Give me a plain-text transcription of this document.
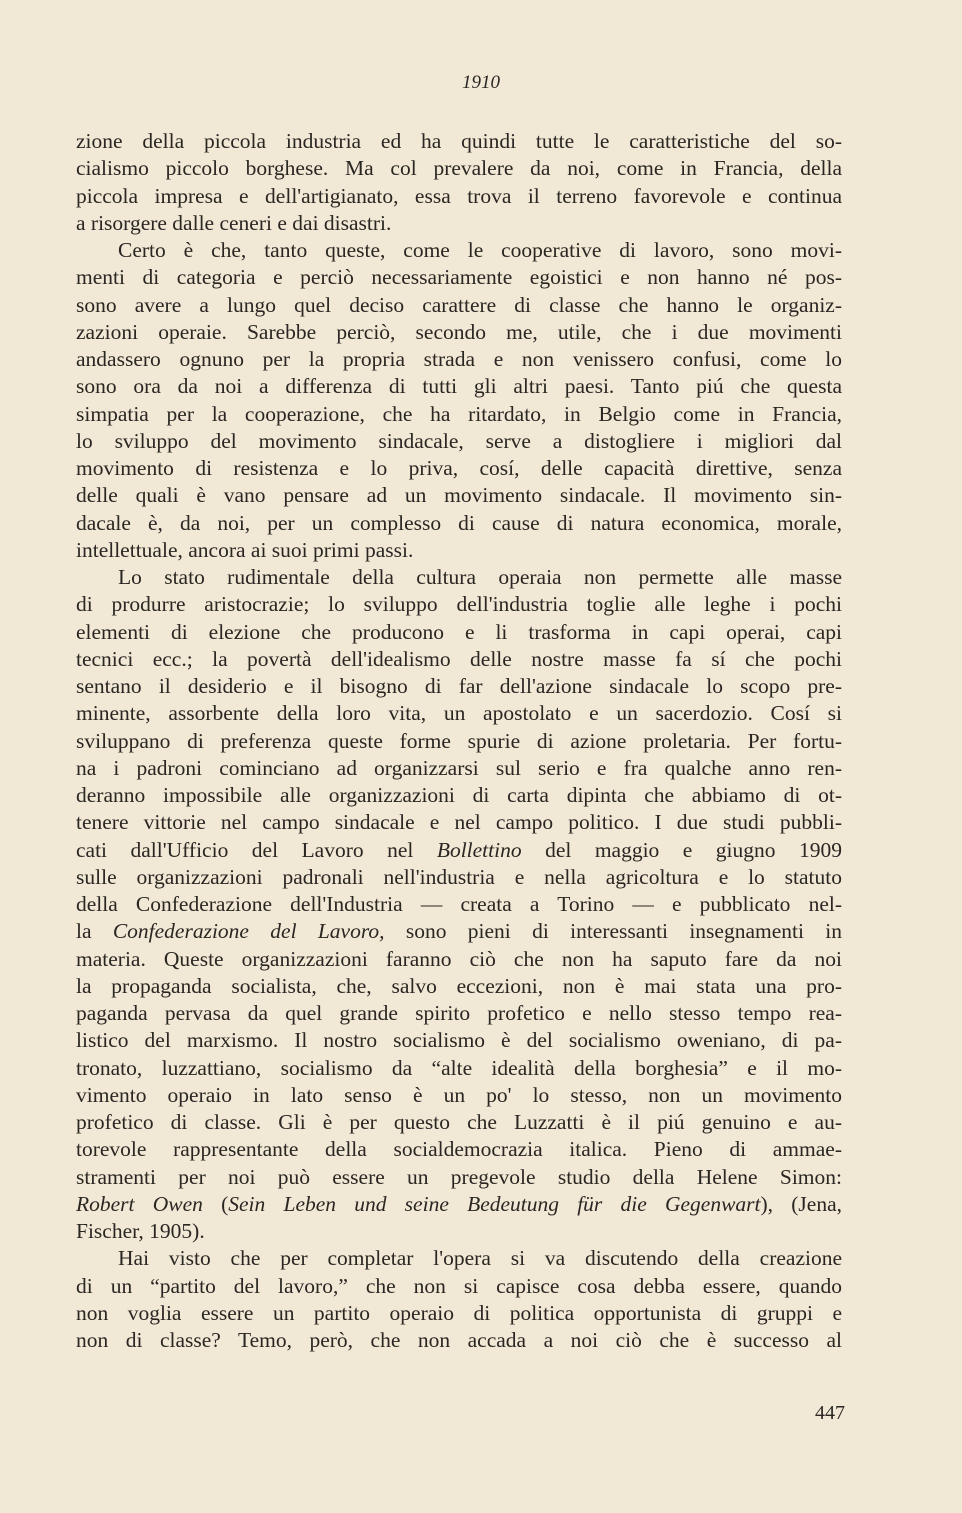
1910
zione della piccola industria ed ha quindi tutte le caratteristiche del so-
cialismo piccolo borghese. Ma col prevalere da noi, come in Francia, della
piccola impresa e dell'artigianato, essa trova il terreno favorevole e continua
a risorgere dalle ceneri e dai disastri.
Certo è che, tanto queste, come le cooperative di lavoro, sono movi-
menti di categoria e perciò necessariamente egoistici e non hanno né pos-
sono avere a lungo quel deciso carattere di classe che hanno le organiz-
zazioni operaie. Sarebbe perciò, secondo me, utile, che i due movimenti
andassero ognuno per la propria strada e non venissero confusi, come lo
sono ora da noi a differenza di tutti gli altri paesi. Tanto piú che questa
simpatia per la cooperazione, che ha ritardato, in Belgio come in Francia,
lo sviluppo del movimento sindacale, serve a distogliere i migliori dal
movimento di resistenza e lo priva, cosí, delle capacità direttive, senza
delle quali è vano pensare ad un movimento sindacale. Il movimento sin-
dacale è, da noi, per un complesso di cause di natura economica, morale,
intellettuale, ancora ai suoi primi passi.
Lo stato rudimentale della cultura operaia non permette alle masse
di produrre aristocrazie; lo sviluppo dell'industria toglie alle leghe i pochi
elementi di elezione che producono e li trasforma in capi operai, capi
tecnici ecc.; la povertà dell'idealismo delle nostre masse fa sí che pochi
sentano il desiderio e il bisogno di far dell'azione sindacale lo scopo pre-
minente, assorbente della loro vita, un apostolato e un sacerdozio. Cosí si
sviluppano di preferenza queste forme spurie di azione proletaria. Per fortu-
na i padroni cominciano ad organizzarsi sul serio e fra qualche anno ren-
deranno impossibile alle organizzazioni di carta dipinta che abbiamo di ot-
tenere vittorie nel campo sindacale e nel campo politico. I due studi pubbli-
cati dall'Ufficio del Lavoro nel Bollettino del maggio e giugno 1909
sulle organizzazioni padronali nell'industria e nella agricoltura e lo statuto
della Confederazione dell'Industria — creata a Torino — e pubblicato nel-
la Confederazione del Lavoro, sono pieni di interessanti insegnamenti in
materia. Queste organizzazioni faranno ciò che non ha saputo fare da noi
la propaganda socialista, che, salvo eccezioni, non è mai stata una pro-
paganda pervasa da quel grande spirito profetico e nello stesso tempo rea-
listico del marxismo. Il nostro socialismo è del socialismo oweniano, di pa-
tronato, luzzattiano, socialismo da “alte idealità della borghesia” e il mo-
vimento operaio in lato senso è un po' lo stesso, non un movimento
profetico di classe. Gli è per questo che Luzzatti è il piú genuino e au-
torevole rappresentante della socialdemocrazia italica. Pieno di ammae-
stramenti per noi può essere un pregevole studio della Helene Simon:
Robert Owen (Sein Leben und seine Bedeutung für die Gegenwart), (Jena,
Fischer, 1905).
Hai visto che per completar l'opera si va discutendo della creazione
di un “partito del lavoro,” che non si capisce cosa debba essere, quando
non voglia essere un partito operaio di politica opportunista di gruppi e
non di classe? Temo, però, che non accada a noi ciò che è successo al
447
